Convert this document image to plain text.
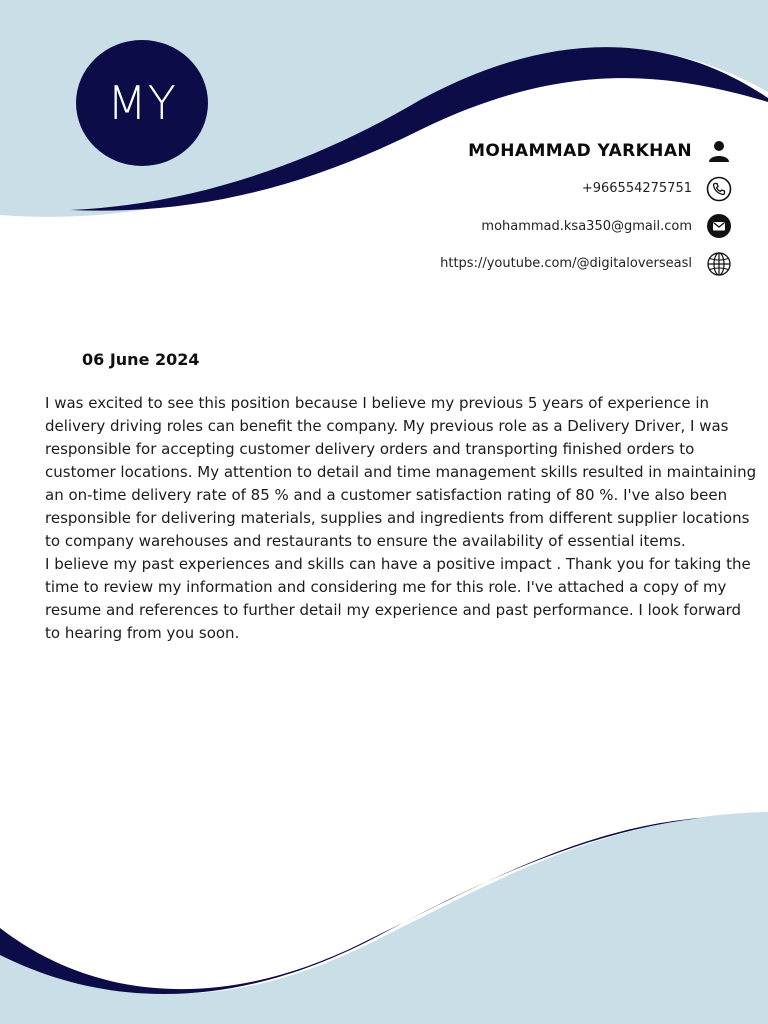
MY
MOHAMMAD YARKHAN
+966554275751
mohammad.ksa350@gmail.com
https://youtube.com/@digitaloverseasl
06 June 2024

I was excited to see this position because I believe my previous 5 years of experience in delivery driving roles can benefit the company. My previous role as a Delivery Driver, I was responsible for accepting customer delivery orders and transporting finished orders to customer locations. My attention to detail and time management skills resulted in maintaining an on-time delivery rate of 85 % and a customer satisfaction rating of 80 %. I've also been responsible for delivering materials, supplies and ingredients from different supplier locations to company warehouses and restaurants to ensure the availability of essential items.

I believe my past experiences and skills can have a positive impact . Thank you for taking the time to review my information and considering me for this role. I've attached a copy of my resume and references to further detail my experience and past performance. I look forward to hearing from you soon.
